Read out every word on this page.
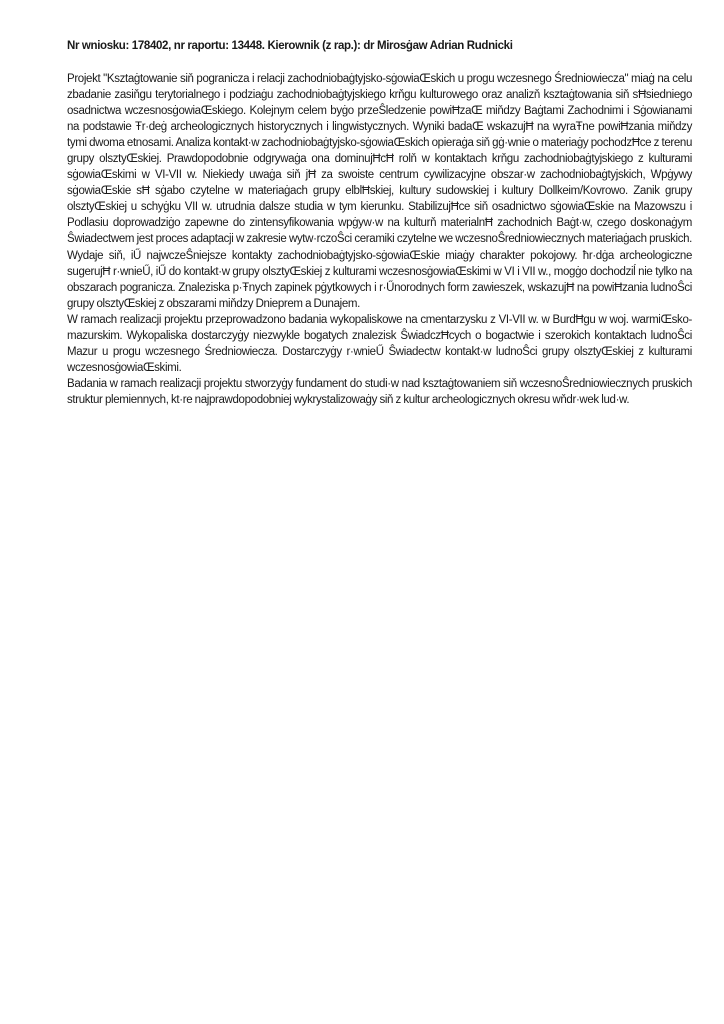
Nr wniosku: 178402, nr raportu: 13448. Kierownik (z rap.): dr Mirosġaw Adrian Rudnicki

Projekt "Ksztaġtowanie siň pogranicza i relacji zachodniobaġtyjsko-sġowiaŒskich u progu wczesnego Średniowiecza" miaġ na celu zbadanie zasiňgu terytorialnego i podziaġu zachodniobaġtyjskiego krňgu kulturowego oraz analizň ksztaġtowania siň sĦsiedniego osadnictwa wczesnosġowiaŒskiego. Kolejnym celem byġo przeŜledzenie powiĦzaŒ miňdzy Baġtami Zachodnimi i Sġowianami na podstawie Ŧr·deġ archeologicznych historycznych i lingwistycznych. Wyniki badaŒ wskazujĦ na wyraŦne powiĦzania miňdzy tymi dwoma etnosami. Analiza kontakt·w zachodniobaġtyjsko-sġowiaŒskich opieraġa siň gġ·wnie o materiaġy pochodzĦce z terenu grupy olsztyŒskiej. Prawdopodobnie odgrywaġa ona dominujĦcĦ rolň w kontaktach krňgu zachodniobaġtyjskiego z kulturami sġowiaŒskimi w VI-VII w. Niekiedy uwaġa siň jĦ za swoiste centrum cywilizacyjne obszar·w zachodniobaġtyjskich, Wpġywy sġowiaŒskie sĦ sġabo czytelne w materiaġach grupy elblĦskiej, kultury sudowskiej i kultury Dollkeim/Kovrowo. Zanik grupy olsztyŒskiej u schyġku VII w. utrudnia dalsze studia w tym kierunku. StabilizujĦce siň osadnictwo sġowiaŒskie na Mazowszu i Podlasiu doprowadziġo zapewne do zintensyfikowania wpġyw·w na kulturň materialnĦ zachodnich Baġt·w, czego doskonaġym Ŝwiadectwem jest proces adaptacji w zakresie wytw·rczoŜci ceramiki czytelne we wczesnoŜredniowiecznych materiaġach pruskich. Wydaje siň, iŰ najwczeŜniejsze kontakty zachodniobaġtyjsko-sġowiaŒskie miaġy charakter pokojowy. ħr·dġa archeologiczne sugerujĦ r·wnieŰ, iŰ do kontakt·w grupy olsztyŒskiej z kulturami wczesnosġowiaŒskimi w VI i VII w., mogġo dochodziĺ nie tylko na obszarach pogranicza. Znaleziska p·Ŧnych zapinek pġytkowych i r·Űnorodnych form zawieszek, wskazujĦ na powiĦzania ludnoŜci grupy olsztyŒskiej z obszarami miňdzy Dnieprem a Dunajem.

W ramach realizacji projektu przeprowadzono badania wykopaliskowe na cmentarzysku z VI-VII w. w BurdĦgu w woj. warmiŒsko-mazurskim. Wykopaliska dostarczyġy niezwykle bogatych znalezisk ŜwiadczĦcych o bogactwie i szerokich kontaktach ludnoŜci Mazur u progu wczesnego Średniowiecza. Dostarczyġy r·wnieŰ Ŝwiadectw kontakt·w ludnoŜci grupy olsztyŒskiej z kulturami wczesnosġowiaŒskimi.

Badania w ramach realizacji projektu stworzyġy fundament do studi·w nad ksztaġtowaniem siň wczesnoŜredniowiecznych pruskich struktur plemiennych, kt·re najprawdopodobniej wykrystalizowaġy siň z kultur archeologicznych okresu wňdr·wek lud·w.
